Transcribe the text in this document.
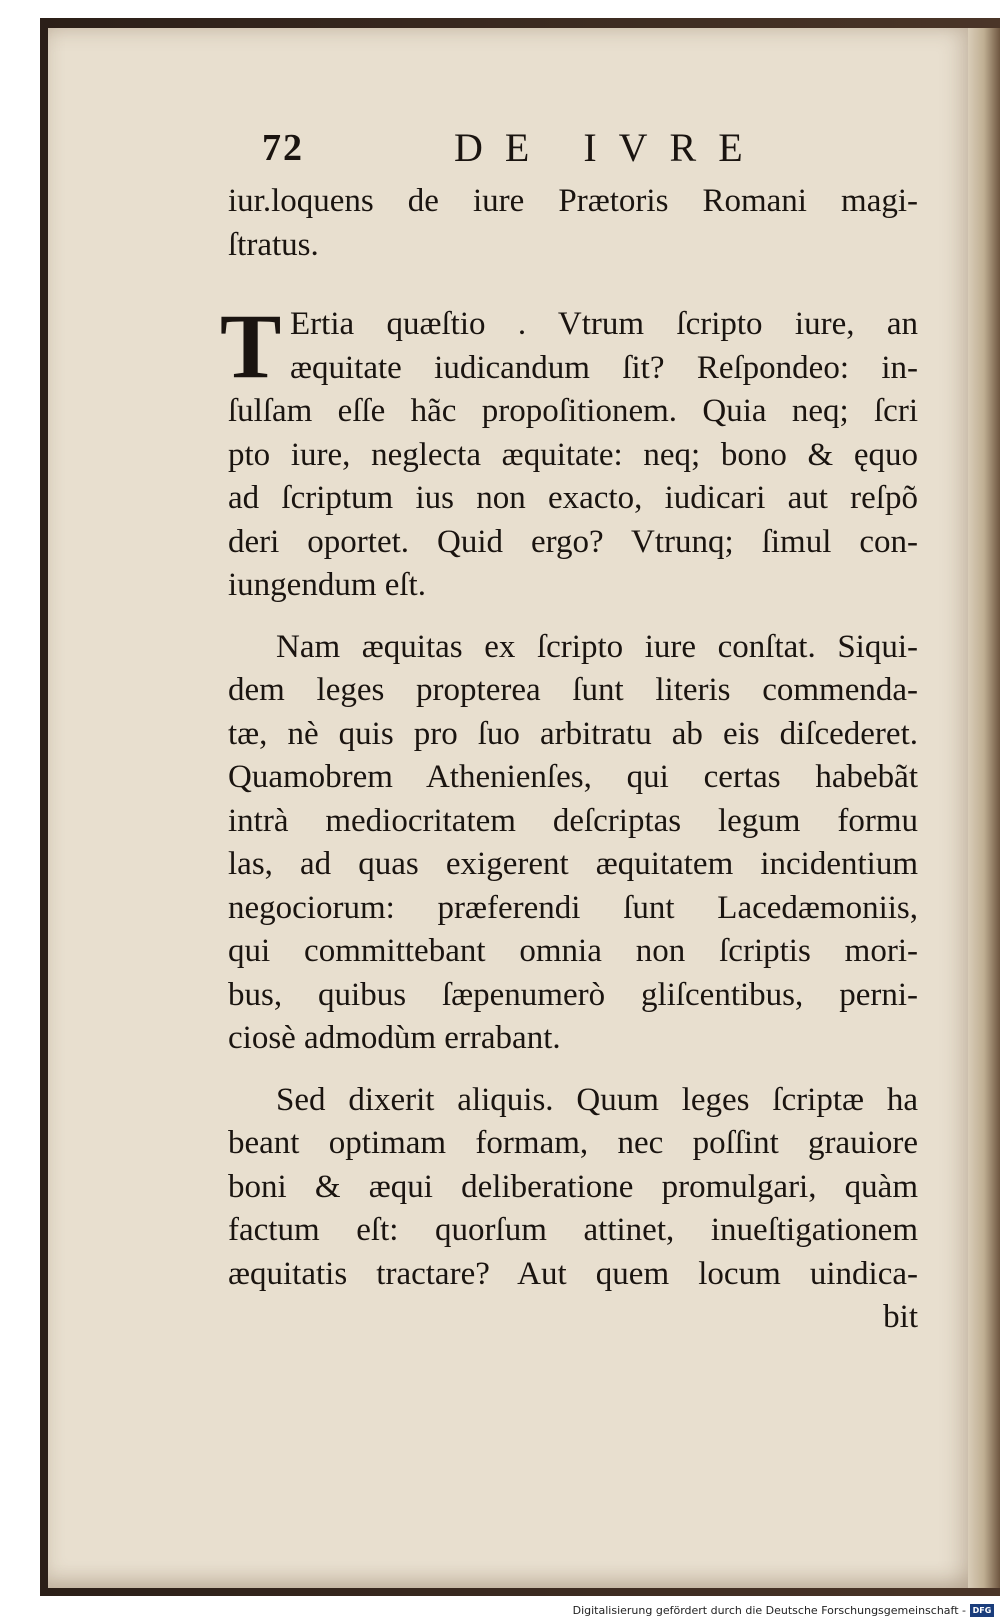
72	DE IVRE
iur.loquens de iure Prætoris Romani magi-
ſtratus.
T Ertia quæſtio . Vtrum ſcripto iure, an
æquitate iudicandum ſit? Reſpondeo: in-
ſulſam eſſe hãc propoſitionem. Quia neq; ſcri
pto iure, neglecta æquitate: neq; bono & ęquo
ad ſcriptum ius non exacto, iudicari aut reſpõ
deri oportet. Quid ergo? Vtrunq; ſimul con-
iungendum eſt.
Nam æquitas ex ſcripto iure conſtat. Siqui-
dem leges propterea ſunt literis commenda-
tæ, nè quis pro ſuo arbitratu ab eis diſcederet.
Quamobrem Athenienſes, qui certas habebãt
intrà mediocritatem deſcriptas legum formu
las, ad quas exigerent æquitatem incidentium
negociorum: præferendi ſunt Lacedæmoniis,
qui committebant omnia non ſcriptis mori-
bus, quibus ſæpenumerò gliſcentibus, perni-
ciosè admodùm errabant.
Sed dixerit aliquis. Quum leges ſcriptæ ha
beant optimam formam, nec poſſint grauiore
boni & æqui deliberatione promulgari, quàm
factum eſt: quorſum attinet, inueſtigationem
æquitatis tractare? Aut quem locum uindica-
bit
Digitalisierung gefördert durch die Deutsche Forschungsgemeinschaft - DFG
